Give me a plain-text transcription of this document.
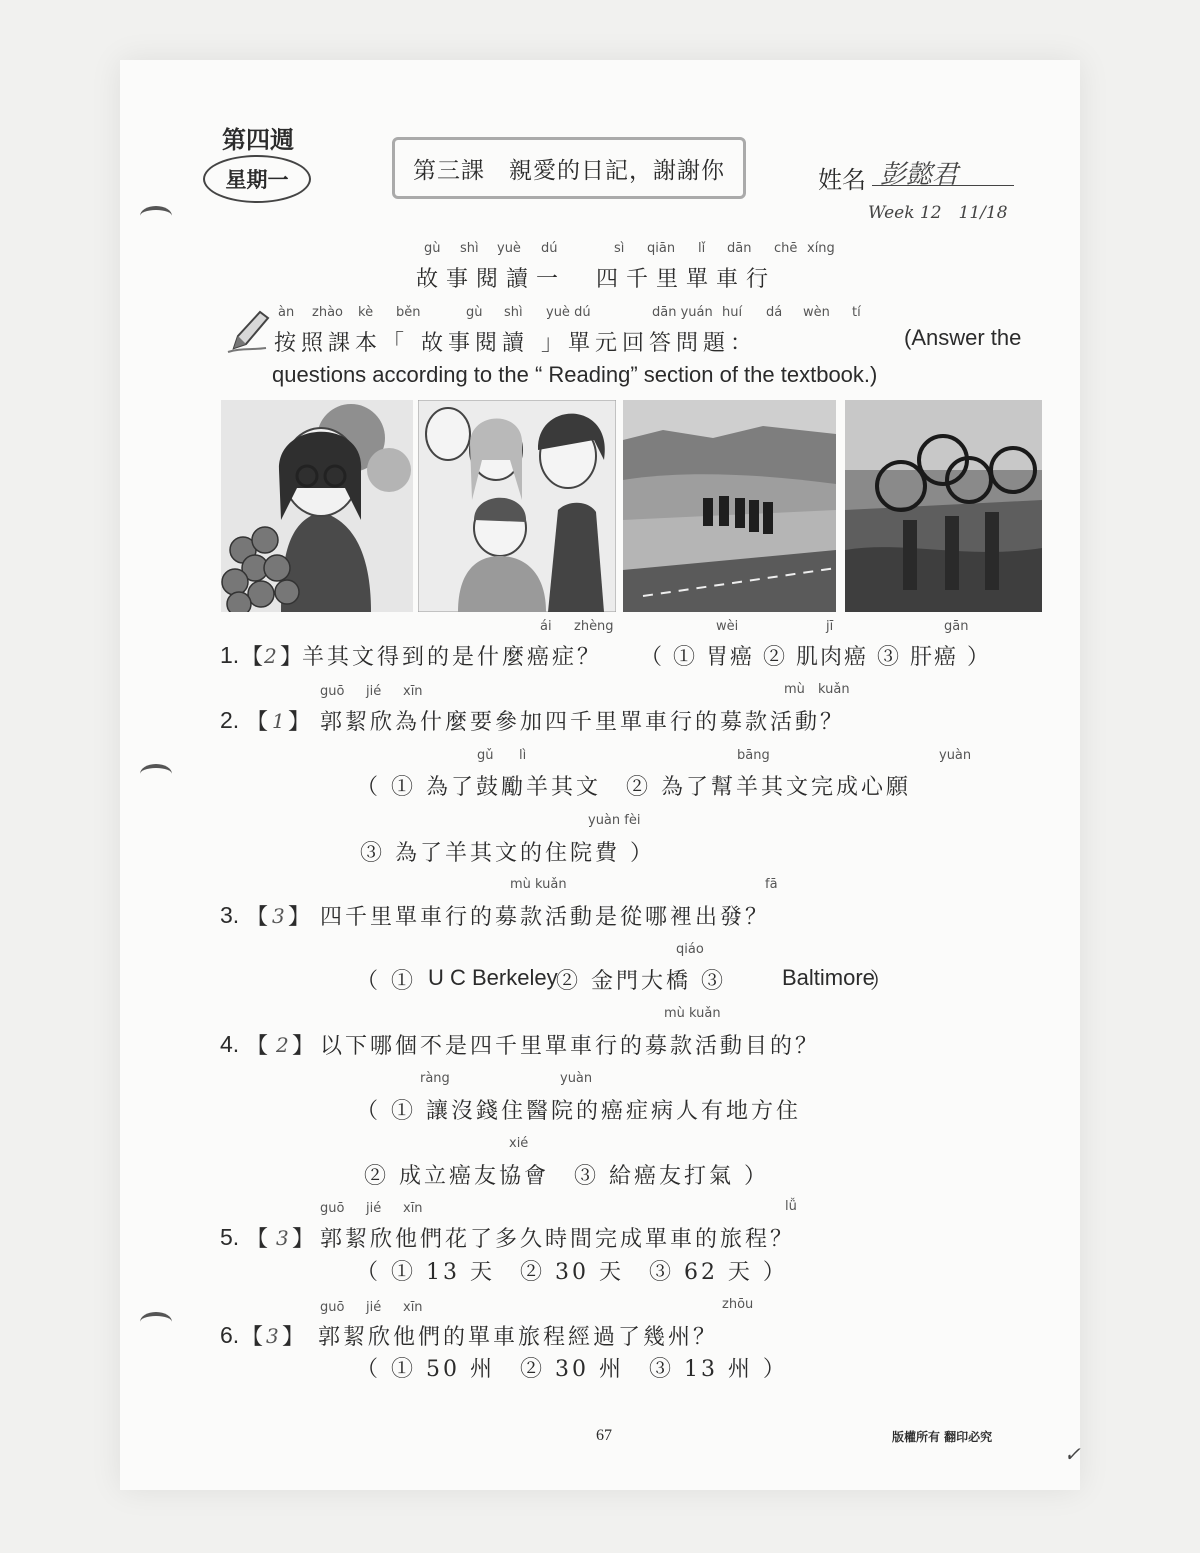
第四週
星期一	第三課　親愛的日記，謝謝你	姓名 彭懿君
Week 12　11/18
gù shì yuè dú	sì qiān lǐ dān chē xíng
故事閱讀一　四千里單車行
àn zhào kè běn	gù shì yuè dú	dān yuán huí dá wèn tí
按照課本「 故事閱讀 」單元回答問題：	(Answer the
questions according to the “ Reading” section of the textbook.)
ái zhèng	wèi	jī	gān
1. 【 2 】 羊其文得到的是什麼癌症？ （ ① 胃癌 ② 肌肉癌 ③ 肝癌 ）
guō jié xīn	mù kuǎn
2. 【 1 】 郭絜欣為什麼要參加四千里單車行的募款活動？
gǔ lì	bāng	yuàn
（ ① 為了鼓勵羊其文　② 為了幫羊其文完成心願
yuàn fèi
③ 為了羊其文的住院費 ）
mù kuǎn	fā
3. 【 3 】 四千里單車行的募款活動是從哪裡出發？
qiáo
（ ① U C Berkeley
② 金門大橋 ③	Baltimore
）
mù kuǎn
4. 【 2 】 以下哪個不是四千里單車行的募款活動目的？
ràng	yuàn
（ ① 讓沒錢住醫院的癌症病人有地方住
xié
② 成立癌友協會　③ 給癌友打氣 ）
guō jié xīn	lǚ
5. 【 3 】 郭絜欣他們花了多久時間完成單車的旅程？
（ ① 13 天　② 30 天　③ 62 天 ）
guō jié xīn	zhōu
6. 【 3 】 郭絜欣他們的單車旅程經過了幾州？
（ ① 50 州　② 30 州　③ 13 州 ）
67	版權所有 翻印必究
✓
